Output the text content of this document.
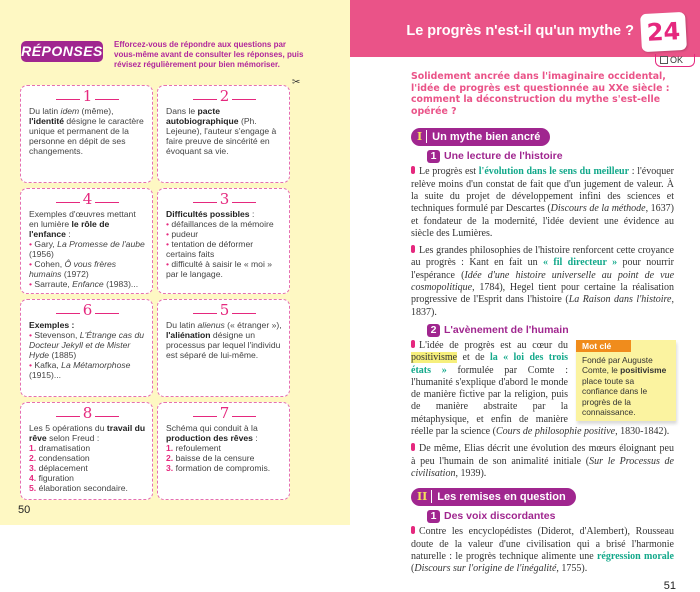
RÉPONSES Efforcez-vous de répondre aux questions par vous-même avant de consulter les réponses, puis révisez régulièrement pour bien mémoriser.
1
Du latin idem (même), l'identité désigne le caractère unique et permanent de la personne en dépit de ses changements.
2
Dans le pacte autobiographique (Ph. Lejeune), l'auteur s'engage à faire preuve de sincérité en évoquant sa vie.
4
Exemples d'œuvres mettant en lumière le rôle de l'enfance :
• Gary, La Promesse de l'aube (1956)
• Cohen, Ô vous frères humains (1972)
• Sarraute, Enfance (1983)...
3
Difficultés possibles :
• défaillances de la mémoire
• pudeur
• tentation de déformer certains faits
• difficulté à saisir le « moi » par le langage.
6
Exemples :
• Stevenson, L'Étrange cas du Docteur Jekyll et de Mister Hyde (1885)
• Kafka, La Métamorphose (1915)...
5
Du latin alienus (« étranger »), l'aliénation désigne un processus par lequel l'individu est séparé de lui-même.
8
Les 5 opérations du travail du rêve selon Freud :
1. dramatisation
2. condensation
3. déplacement
4. figuration
5. élaboration secondaire.
7
Schéma qui conduit à la production des rêves :
1. refoulement
2. baisse de la censure
3. formation de compromis.
✂
50
Le progrès n'est-il qu'un mythe ? 24
OK
Solidement ancrée dans l'imaginaire occidental, l'idée de progrès est questionnée au XXe siècle : comment la déconstruction du mythe s'est-elle opérée ?
I Un mythe bien ancré
1 Une lecture de l'histoire
Le progrès est l'évolution dans le sens du meilleur : l'évoquer relève moins d'un constat de fait que d'un jugement de valeur. À la suite du projet de développement infini des sciences et techniques formulé par Descartes (Discours de la méthode, 1637) et fondateur de la modernité, l'idée devient une évidence au siècle des Lumières.
Les grandes philosophies de l'histoire renforcent cette croyance au progrès : Kant en fait un « fil directeur » pour nourrir l'espérance (Idée d'une histoire universelle au point de vue cosmopolitique, 1784), Hegel tient pour certaine la réalisation progressive de l'Esprit dans l'histoire (La Raison dans l'histoire, 1837).
2 L'avènement de l'humain
Mot clé
Fondé par Auguste Comte, le positivisme place toute sa confiance dans le progrès de la connaissance.
L'idée de progrès est au cœur du positivisme et de la « loi des trois états » formulée par Comte : l'humanité s'explique d'abord le monde de manière fictive par la religion, puis de manière abstraite par la métaphysique, et enfin de manière réelle par la science (Cours de philosophie positive, 1830-1842).
De même, Elias décrit une évolution des mœurs éloignant peu à peu l'humain de son animalité initiale (Sur le Processus de civilisation, 1939).
II Les remises en question
1 Des voix discordantes
Contre les encyclopédistes (Diderot, d'Alembert), Rousseau doute de la valeur d'une civilisation qui a brisé l'harmonie naturelle : le progrès technique alimente une régression morale (Discours sur l'origine de l'inégalité, 1755).
51
